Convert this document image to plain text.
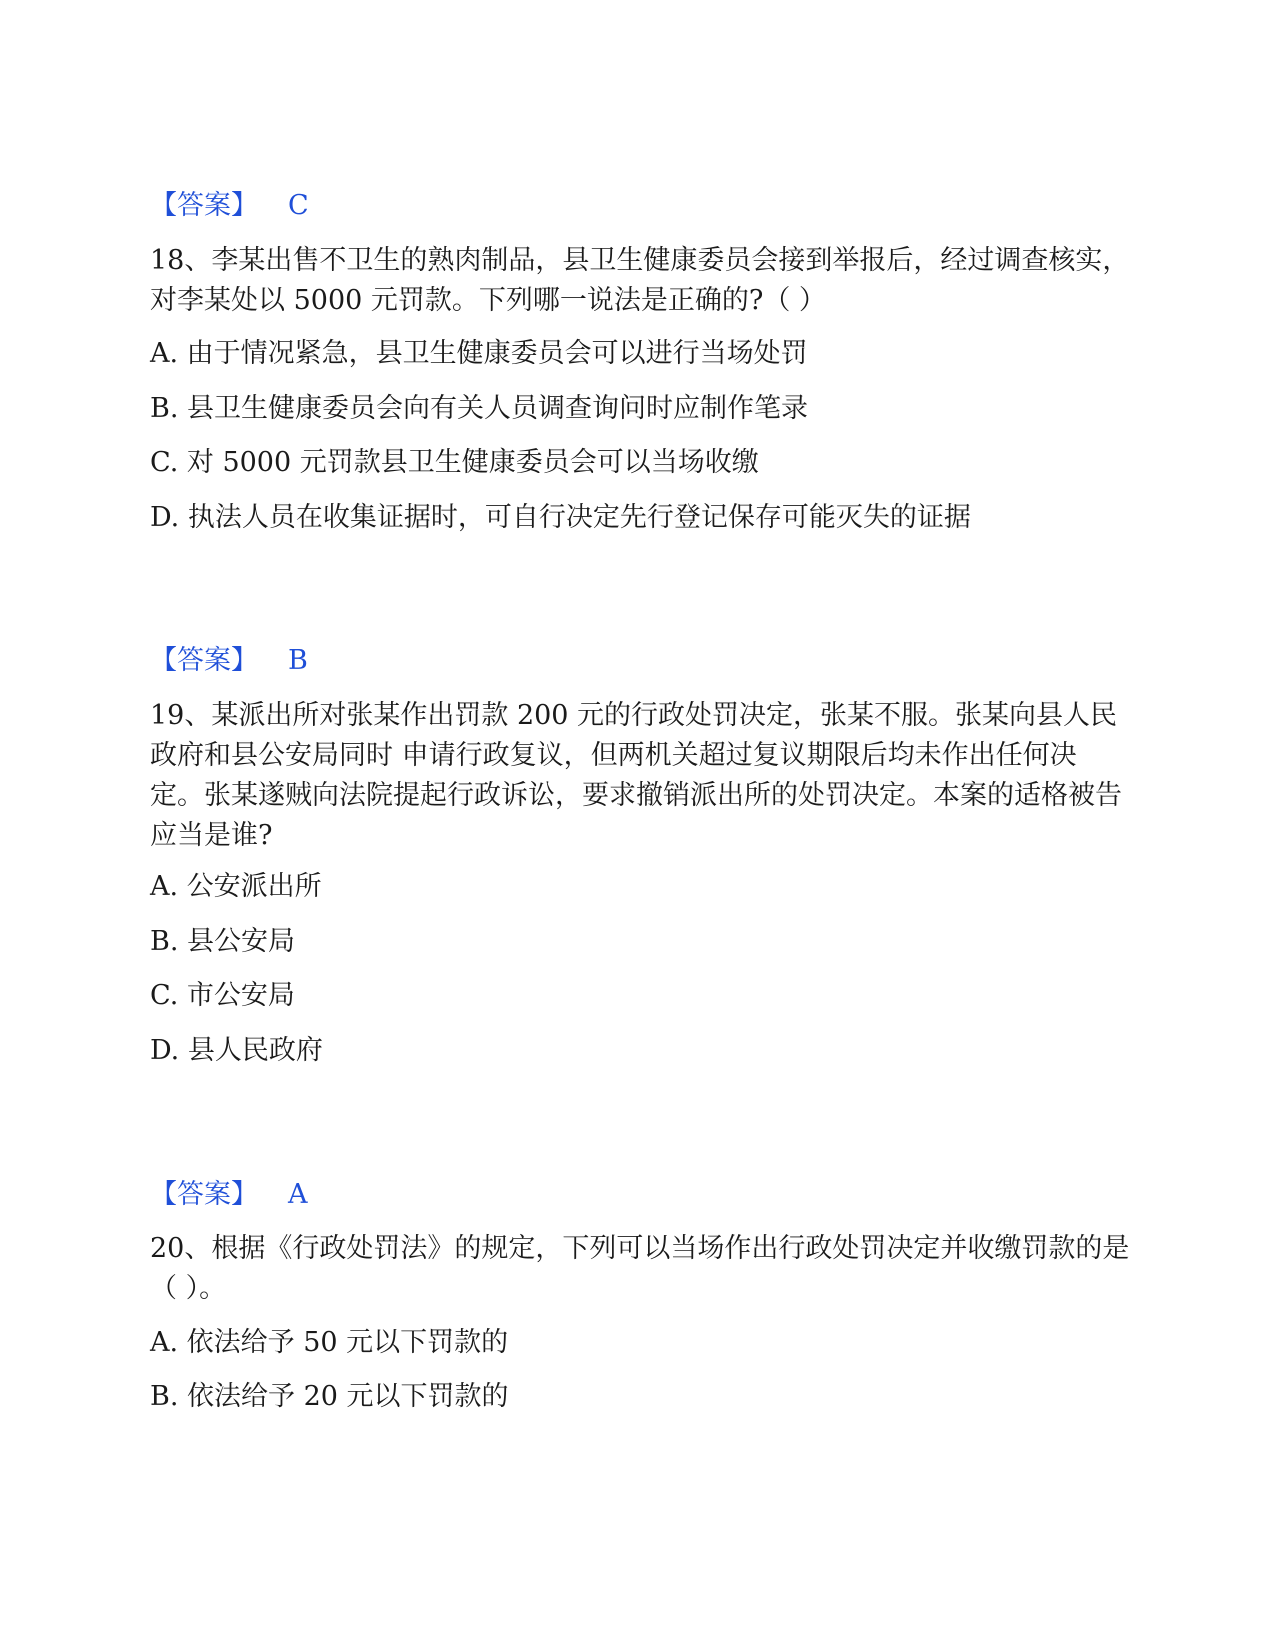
【答案】 C
18、李某出售不卫生的熟肉制品，县卫生健康委员会接到举报后，经过调查核实，对李某处以 5000 元罚款。下列哪一说法是正确的?（ ）
A. 由于情况紧急，县卫生健康委员会可以进行当场处罚
B. 县卫生健康委员会向有关人员调查询问时应制作笔录
C. 对 5000 元罚款县卫生健康委员会可以当场收缴
D. 执法人员在收集证据时，可自行决定先行登记保存可能灭失的证据
【答案】 B
19、某派出所对张某作出罚款 200 元的行政处罚决定，张某不服。张某向县人民政府和县公安局同时 申请行政复议，但两机关超过复议期限后均未作出任何决定。张某遂贼向法院提起行政诉讼，要求撤销派出所的处罚决定。本案的适格被告应当是谁?
A. 公安派出所
B. 县公安局
C. 市公安局
D. 县人民政府
【答案】 A
20、根据《行政处罚法》的规定，下列可以当场作出行政处罚决定并收缴罚款的是（ ）。
A. 依法给予 50 元以下罚款的
B. 依法给予 20 元以下罚款的
